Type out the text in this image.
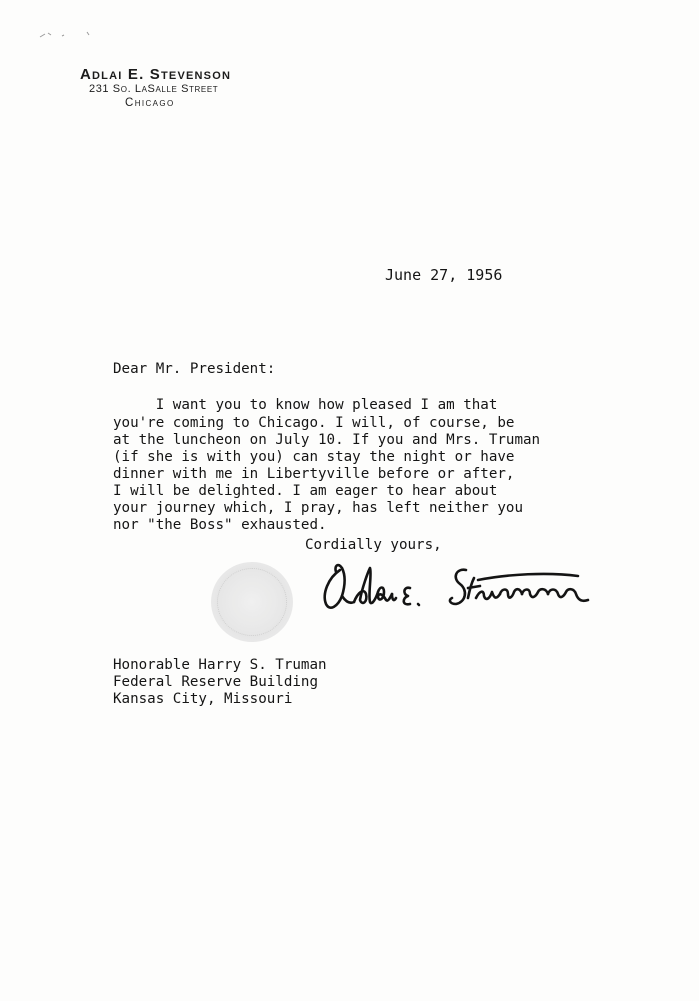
Adlai E. Stevenson
231 So. LaSalle Street
Chicago
June 27, 1956
Dear Mr. President:
I want you to know how pleased I am that
you're coming to Chicago. I will, of course, be
at the luncheon on July 10. If you and Mrs. Truman
(if she is with you) can stay the night or have
dinner with me in Libertyville before or after,
I will be delighted. I am eager to hear about
your journey which, I pray, has left neither you
nor "the Boss" exhausted.
Cordially yours,

Honorable Harry S. Truman
Federal Reserve Building
Kansas City, Missouri
